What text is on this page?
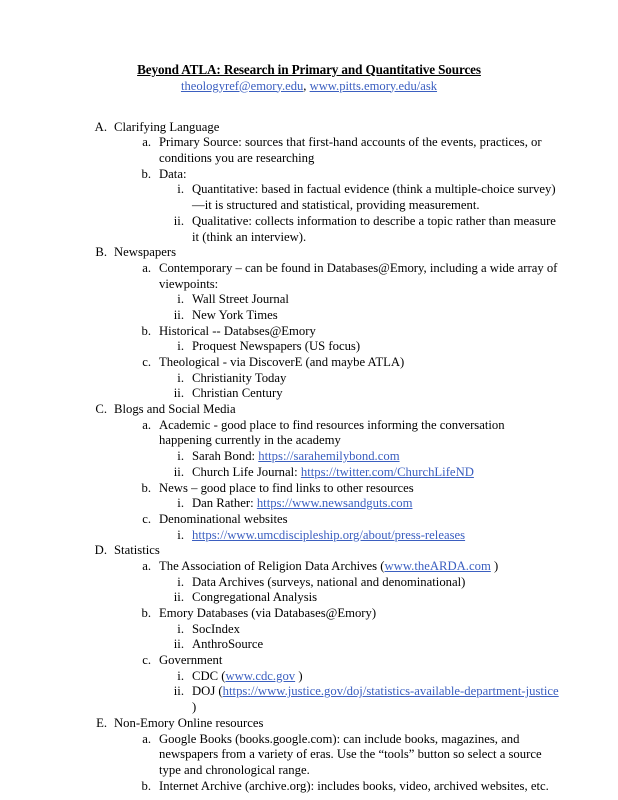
Beyond ATLA: Research in Primary and Quantitative Sources
theologyref@emory.edu, www.pitts.emory.edu/ask
A. Clarifying Language
a. Primary Source: sources that first-hand accounts of the events, practices, or conditions you are researching
b. Data:
i. Quantitative: based in factual evidence (think a multiple-choice survey)—it is structured and statistical, providing measurement.
ii. Qualitative: collects information to describe a topic rather than measure it (think an interview).
B. Newspapers
a. Contemporary – can be found in Databases@Emory, including a wide array of viewpoints:
i. Wall Street Journal
ii. New York Times
b. Historical -- Databses@Emory
i. Proquest Newspapers (US focus)
c. Theological - via DiscoverE (and maybe ATLA)
i. Christianity Today
ii. Christian Century
C. Blogs and Social Media
a. Academic - good place to find resources informing the conversation happening currently in the academy
i. Sarah Bond: https://sarahemilybond.com
ii. Church Life Journal: https://twitter.com/ChurchLifeND
b. News – good place to find links to other resources
i. Dan Rather: https://www.newsandguts.com
c. Denominational websites
i. https://www.umcdiscipleship.org/about/press-releases
D. Statistics
a. The Association of Religion Data Archives (www.theARDA.com )
i. Data Archives (surveys, national and denominational)
ii. Congregational Analysis
b. Emory Databases (via Databases@Emory)
i. SocIndex
ii. AnthroSource
c. Government
i. CDC (www.cdc.gov )
ii. DOJ (https://www.justice.gov/doj/statistics-available-department-justice )
E. Non-Emory Online resources
a. Google Books (books.google.com): can include books, magazines, and newspapers from a variety of eras. Use the “tools” button so select a source type and chronological range.
b. Internet Archive (archive.org): includes books, video, archived websites, etc.
